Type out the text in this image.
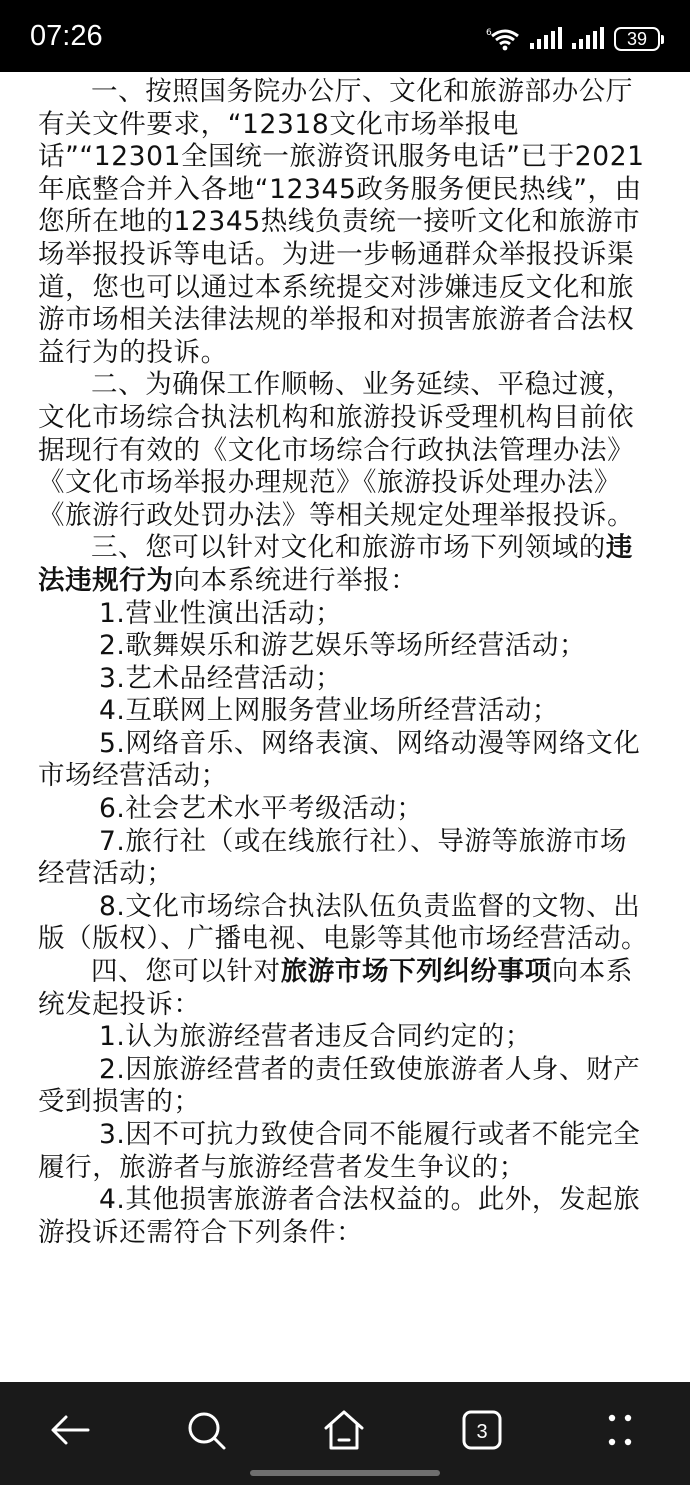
07:26	6	39

一、按照国务院办公厅、文化和旅游部办公厅有关文件要求，“12318文化市场举报电话”“12301全国统一旅游资讯服务电话”已于2021年底整合并入各地“12345政务服务便民热线”，由您所在地的12345热线负责统一接听文化和旅游市场举报投诉等电话。为进一步畅通群众举报投诉渠道，您也可以通过本系统提交对涉嫌违反文化和旅游市场相关法律法规的举报和对损害旅游者合法权益行为的投诉。

二、为确保工作顺畅、业务延续、平稳过渡，文化市场综合执法机构和旅游投诉受理机构目前依据现行有效的《文化市场综合行政执法管理办法》《文化市场举报办理规范》《旅游投诉处理办法》《旅游行政处罚办法》等相关规定处理举报投诉。

三、您可以针对文化和旅游市场下列领域的违法违规行为向本系统进行举报：

1.营业性演出活动；

2.歌舞娱乐和游艺娱乐等场所经营活动；

3.艺术品经营活动；

4.互联网上网服务营业场所经营活动；

5.网络音乐、网络表演、网络动漫等网络文化市场经营活动；

6.社会艺术水平考级活动；

7.旅行社（或在线旅行社）、导游等旅游市场经营活动；

8.文化市场综合执法队伍负责监督的文物、出版（版权）、广播电视、电影等其他市场经营活动。

四、您可以针对旅游市场下列纠纷事项向本系统发起投诉：

1.认为旅游经营者违反合同约定的；

2.因旅游经营者的责任致使旅游者人身、财产受到损害的；

3.因不可抗力致使合同不能履行或者不能完全履行，旅游者与旅游经营者发生争议的；

4.其他损害旅游者合法权益的。此外，发起旅游投诉还需符合下列条件：

3
